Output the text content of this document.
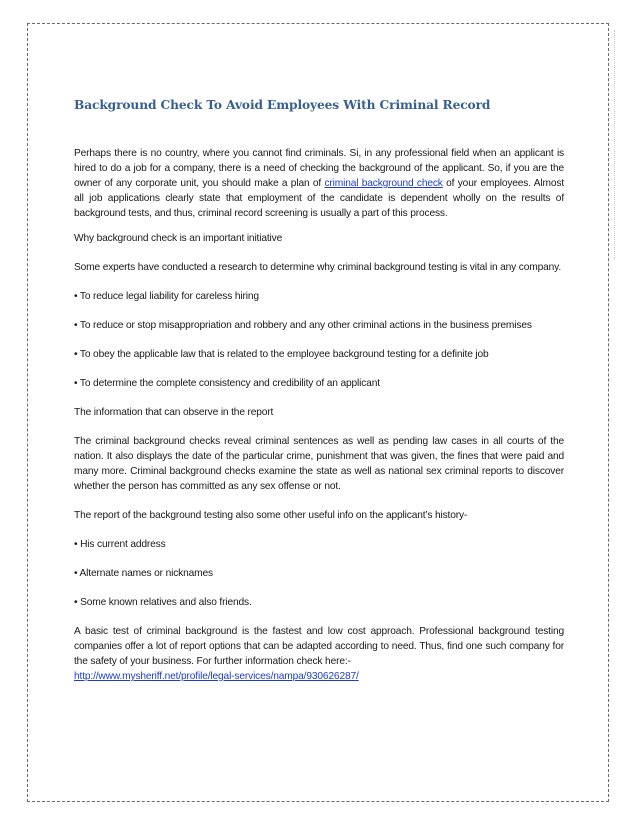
Background Check To Avoid Employees With Criminal Record

Perhaps there is no country, where you cannot find criminals. Si, in any professional field when an applicant is hired to do a job for a company, there is a need of checking the background of the applicant. So, if you are the owner of any corporate unit, you should make a plan of criminal background check of your employees. Almost all job applications clearly state that employment of the candidate is dependent wholly on the results of background tests, and thus, criminal record screening is usually a part of this process.

Why background check is an important initiative

Some experts have conducted a research to determine why criminal background testing is vital in any company.

• To reduce legal liability for careless hiring

• To reduce or stop misappropriation and robbery and any other criminal actions in the business premises

• To obey the applicable law that is related to the employee background testing for a definite job

• To determine the complete consistency and credibility of an applicant

The information that can observe in the report

The criminal background checks reveal criminal sentences as well as pending law cases in all courts of the nation. It also displays the date of the particular crime, punishment that was given, the fines that were paid and many more. Criminal background checks examine the state as well as national sex criminal reports to discover whether the person has committed as any sex offense or not.

The report of the background testing also some other useful info on the applicant’s history-

• His current address

• Alternate names or nicknames

• Some known relatives and also friends.

A basic test of criminal background is the fastest and low cost approach. Professional background testing companies offer a lot of report options that can be adapted according to need. Thus, find one such company for the safety of your business. For further information check here:-
http://www.mysheriff.net/profile/legal-services/nampa/930626287/
